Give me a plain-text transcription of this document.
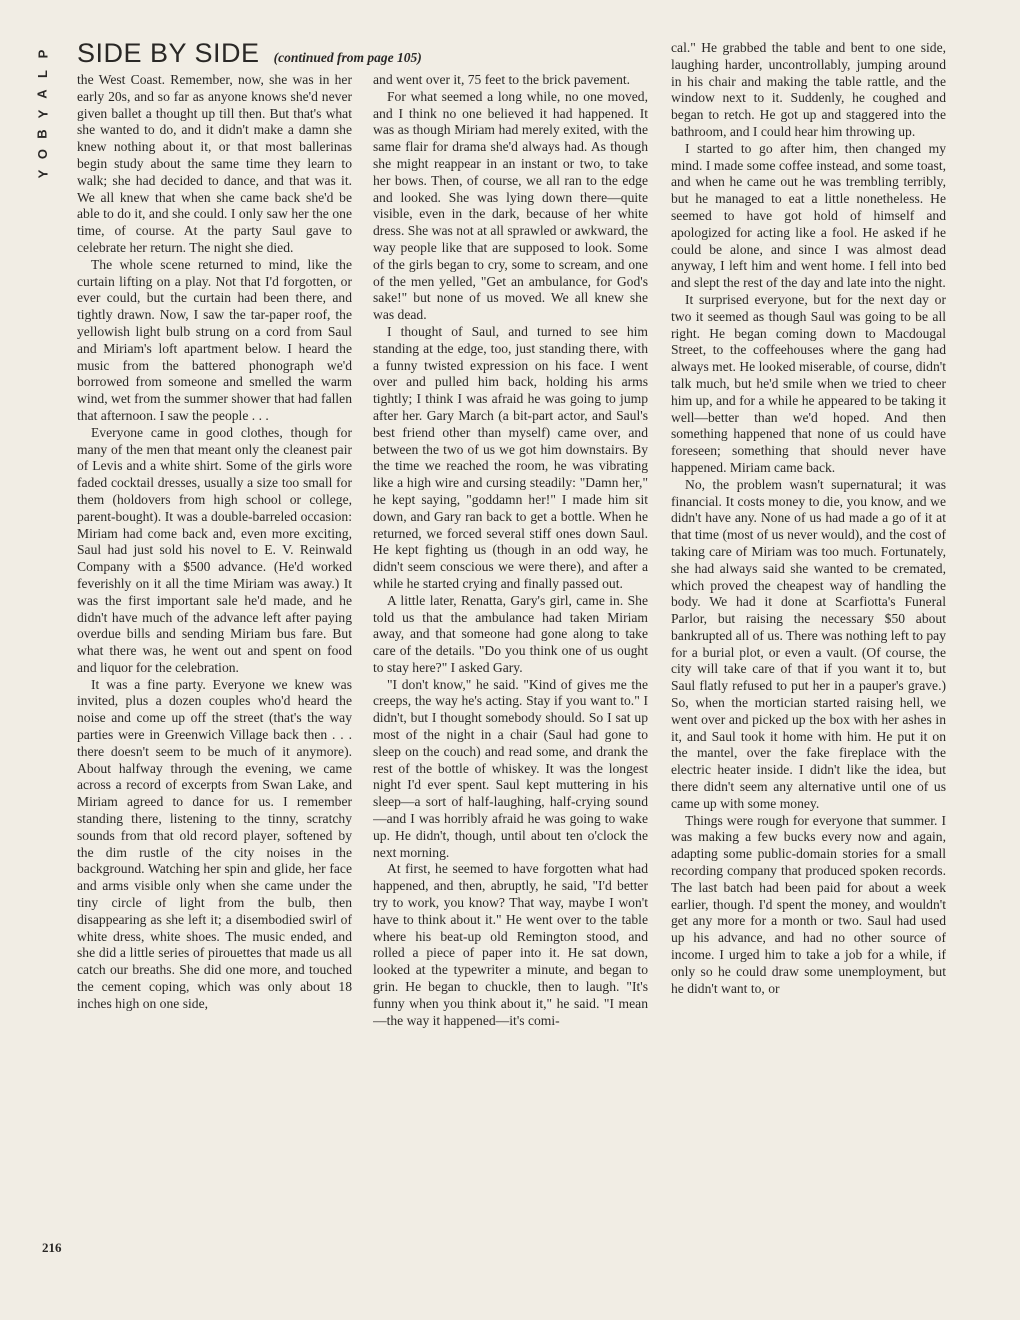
P
L
A
Y
B
O
Y
216
SIDE BY SIDE (continued from page 105)

the West Coast. Remember, now, she was in her early 20s, and so far as anyone knows she'd never given ballet a thought up till then. But that's what she wanted to do, and it didn't make a damn she knew nothing about it, or that most ballerinas begin study about the same time they learn to walk; she had decided to dance, and that was it. We all knew that when she came back she'd be able to do it, and she could. I only saw her the one time, of course. At the party Saul gave to celebrate her return. The night she died.

The whole scene returned to mind, like the curtain lifting on a play. Not that I'd forgotten, or ever could, but the curtain had been there, and tightly drawn. Now, I saw the tar-paper roof, the yellowish light bulb strung on a cord from Saul and Miriam's loft apartment below. I heard the music from the battered phonograph we'd borrowed from someone and smelled the warm wind, wet from the summer shower that had fallen that afternoon. I saw the people . . .

Everyone came in good clothes, though for many of the men that meant only the cleanest pair of Levis and a white shirt. Some of the girls wore faded cocktail dresses, usually a size too small for them (holdovers from high school or college, parent-bought). It was a double-barreled occasion: Miriam had come back and, even more exciting, Saul had just sold his novel to E. V. Reinwald Company with a $500 advance. (He'd worked feverishly on it all the time Miriam was away.) It was the first important sale he'd made, and he didn't have much of the advance left after paying overdue bills and sending Miriam bus fare. But what there was, he went out and spent on food and liquor for the celebration.

It was a fine party. Everyone we knew was invited, plus a dozen couples who'd heard the noise and come up off the street (that's the way parties were in Greenwich Village back then . . . there doesn't seem to be much of it anymore). About halfway through the evening, we came across a record of excerpts from Swan Lake, and Miriam agreed to dance for us. I remember standing there, listening to the tinny, scratchy sounds from that old record player, softened by the dim rustle of the city noises in the background. Watching her spin and glide, her face and arms visible only when she came under the tiny circle of light from the bulb, then disappearing as she left it; a disembodied swirl of white dress, white shoes. The music ended, and she did a little series of pirouettes that made us all catch our breaths. She did one more, and touched the cement coping, which was only about 18 inches high on one side,

and went over it, 75 feet to the brick pavement.

For what seemed a long while, no one moved, and I think no one believed it had happened. It was as though Miriam had merely exited, with the same flair for drama she'd always had. As though she might reappear in an instant or two, to take her bows. Then, of course, we all ran to the edge and looked. She was lying down there—quite visible, even in the dark, because of her white dress. She was not at all sprawled or awkward, the way people like that are supposed to look. Some of the girls began to cry, some to scream, and one of the men yelled, "Get an ambulance, for God's sake!" but none of us moved. We all knew she was dead.

I thought of Saul, and turned to see him standing at the edge, too, just standing there, with a funny twisted expression on his face. I went over and pulled him back, holding his arms tightly; I think I was afraid he was going to jump after her. Gary March (a bit-part actor, and Saul's best friend other than myself) came over, and between the two of us we got him downstairs. By the time we reached the room, he was vibrating like a high wire and cursing steadily: "Damn her," he kept saying, "goddamn her!" I made him sit down, and Gary ran back to get a bottle. When he returned, we forced several stiff ones down Saul. He kept fighting us (though in an odd way, he didn't seem conscious we were there), and after a while he started crying and finally passed out.

A little later, Renatta, Gary's girl, came in. She told us that the ambulance had taken Miriam away, and that someone had gone along to take care of the details. "Do you think one of us ought to stay here?" I asked Gary.

"I don't know," he said. "Kind of gives me the creeps, the way he's acting. Stay if you want to." I didn't, but I thought somebody should. So I sat up most of the night in a chair (Saul had gone to sleep on the couch) and read some, and drank the rest of the bottle of whiskey. It was the longest night I'd ever spent. Saul kept muttering in his sleep—a sort of half-laughing, half-crying sound—and I was horribly afraid he was going to wake up. He didn't, though, until about ten o'clock the next morning.

At first, he seemed to have forgotten what had happened, and then, abruptly, he said, "I'd better try to work, you know? That way, maybe I won't have to think about it." He went over to the table where his beat-up old Remington stood, and rolled a piece of paper into it. He sat down, looked at the typewriter a minute, and began to grin. He began to chuckle, then to laugh. "It's funny when you think about it," he said. "I mean—the way it happened—it's comi-

cal." He grabbed the table and bent to one side, laughing harder, uncontrollably, jumping around in his chair and making the table rattle, and the window next to it. Suddenly, he coughed and began to retch. He got up and staggered into the bathroom, and I could hear him throwing up.

I started to go after him, then changed my mind. I made some coffee instead, and some toast, and when he came out he was trembling terribly, but he managed to eat a little nonetheless. He seemed to have got hold of himself and apologized for acting like a fool. He asked if he could be alone, and since I was almost dead anyway, I left him and went home. I fell into bed and slept the rest of the day and late into the night.

It surprised everyone, but for the next day or two it seemed as though Saul was going to be all right. He began coming down to Macdougal Street, to the coffeehouses where the gang had always met. He looked miserable, of course, didn't talk much, but he'd smile when we tried to cheer him up, and for a while he appeared to be taking it well—better than we'd hoped. And then something happened that none of us could have foreseen; something that should never have happened. Miriam came back.

No, the problem wasn't supernatural; it was financial. It costs money to die, you know, and we didn't have any. None of us had made a go of it at that time (most of us never would), and the cost of taking care of Miriam was too much. Fortunately, she had always said she wanted to be cremated, which proved the cheapest way of handling the body. We had it done at Scarfiotta's Funeral Parlor, but raising the necessary $50 about bankrupted all of us. There was nothing left to pay for a burial plot, or even a vault. (Of course, the city will take care of that if you want it to, but Saul flatly refused to put her in a pauper's grave.) So, when the mortician started raising hell, we went over and picked up the box with her ashes in it, and Saul took it home with him. He put it on the mantel, over the fake fireplace with the electric heater inside. I didn't like the idea, but there didn't seem any alternative until one of us came up with some money.

Things were rough for everyone that summer. I was making a few bucks every now and again, adapting some public-domain stories for a small recording company that produced spoken records. The last batch had been paid for about a week earlier, though. I'd spent the money, and wouldn't get any more for a month or two. Saul had used up his advance, and had no other source of income. I urged him to take a job for a while, if only so he could draw some unemployment, but he didn't want to, or
